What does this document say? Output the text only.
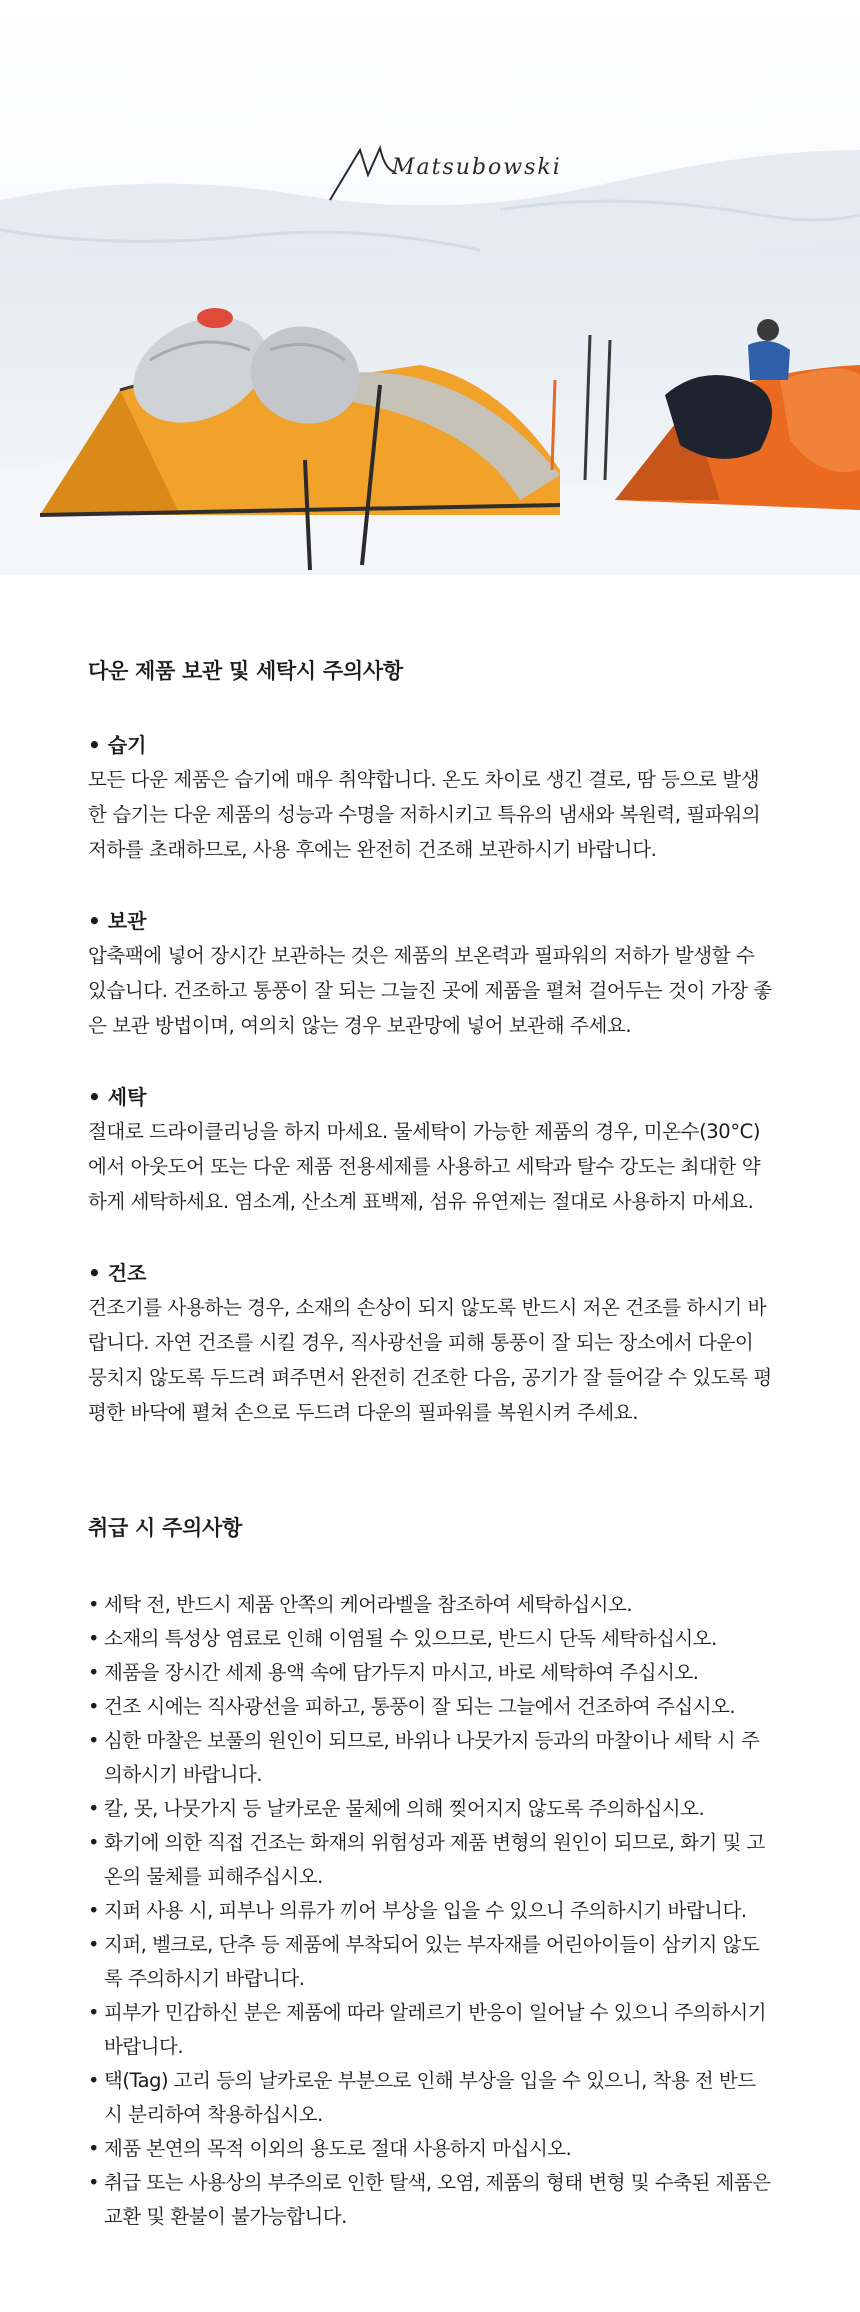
Matsubowski
다운 제품 보관 및 세탁시 주의사항

• 습기

모든 다운 제품은 습기에 매우 취약합니다. 온도 차이로 생긴 결로, 땀 등으로 발생한 습기는 다운 제품의 성능과 수명을 저하시키고 특유의 냄새와 복원력, 필파워의 저하를 초래하므로, 사용 후에는 완전히 건조해 보관하시기 바랍니다.

• 보관

압축팩에 넣어 장시간 보관하는 것은 제품의 보온력과 필파워의 저하가 발생할 수 있습니다. 건조하고 통풍이 잘 되는 그늘진 곳에 제품을 펼쳐 걸어두는 것이 가장 좋은 보관 방법이며, 여의치 않는 경우 보관망에 넣어 보관해 주세요.

• 세탁

절대로 드라이클리닝을 하지 마세요. 물세탁이 가능한 제품의 경우, 미온수(30°C)에서 아웃도어 또는 다운 제품 전용세제를 사용하고 세탁과 탈수 강도는 최대한 약하게 세탁하세요. 염소계, 산소계 표백제, 섬유 유연제는 절대로 사용하지 마세요.

• 건조

건조기를 사용하는 경우, 소재의 손상이 되지 않도록 반드시 저온 건조를 하시기 바랍니다. 자연 건조를 시킬 경우, 직사광선을 피해 통풍이 잘 되는 장소에서 다운이 뭉치지 않도록 두드려 펴주면서 완전히 건조한 다음, 공기가 잘 들어갈 수 있도록 평평한 바닥에 펼쳐 손으로 두드려 다운의 필파워를 복원시켜 주세요.

취급 시 주의사항
• 세탁 전, 반드시 제품 안쪽의 케어라벨을 참조하여 세탁하십시오.
• 소재의 특성상 염료로 인해 이염될 수 있으므로, 반드시 단독 세탁하십시오.
• 제품을 장시간 세제 용액 속에 담가두지 마시고, 바로 세탁하여 주십시오.
• 건조 시에는 직사광선을 피하고, 통풍이 잘 되는 그늘에서 건조하여 주십시오.
• 심한 마찰은 보풀의 원인이 되므로, 바위나 나뭇가지 등과의 마찰이나 세탁 시 주의하시기 바랍니다.
• 칼, 못, 나뭇가지 등 날카로운 물체에 의해 찢어지지 않도록 주의하십시오.
• 화기에 의한 직접 건조는 화재의 위험성과 제품 변형의 원인이 되므로, 화기 및 고온의 물체를 피해주십시오.
• 지퍼 사용 시, 피부나 의류가 끼어 부상을 입을 수 있으니 주의하시기 바랍니다.
• 지퍼, 벨크로, 단추 등 제품에 부착되어 있는 부자재를 어린아이들이 삼키지 않도록 주의하시기 바랍니다.
• 피부가 민감하신 분은 제품에 따라 알레르기 반응이 일어날 수 있으니 주의하시기 바랍니다.
• 택(Tag) 고리 등의 날카로운 부분으로 인해 부상을 입을 수 있으니, 착용 전 반드시 분리하여 착용하십시오.
• 제품 본연의 목적 이외의 용도로 절대 사용하지 마십시오.
• 취급 또는 사용상의 부주의로 인한 탈색, 오염, 제품의 형태 변형 및 수축된 제품은 교환 및 환불이 불가능합니다.
